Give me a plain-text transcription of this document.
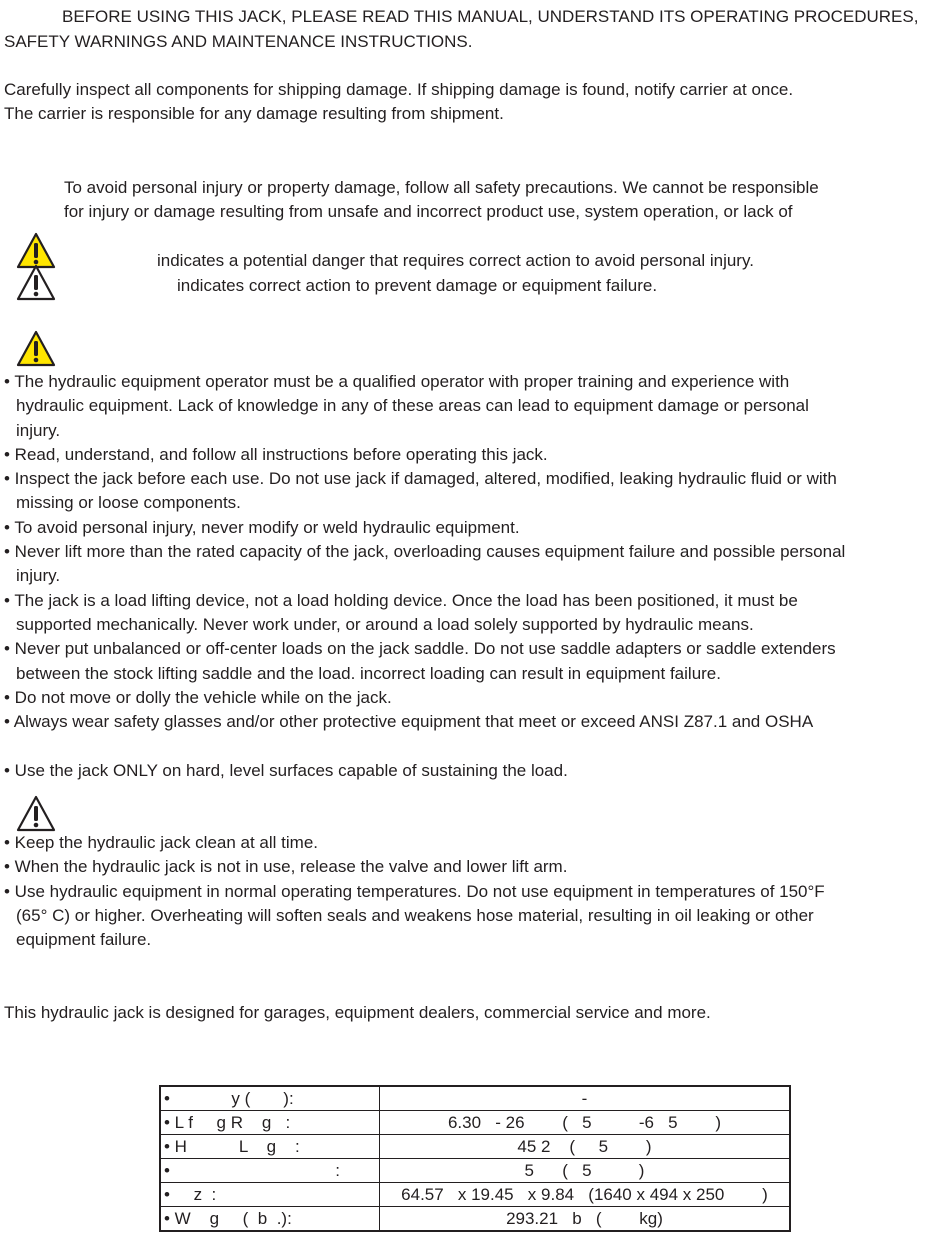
BEFORE USING THIS JACK, PLEASE READ THIS MANUAL, UNDERSTAND ITS OPERATING PROCEDURES,
SAFETY WARNINGS AND MAINTENANCE INSTRUCTIONS.
Carefully inspect all components for shipping damage. If shipping damage is found, notify carrier at once.
The carrier is responsible for any damage resulting from shipment.
To avoid personal injury or property damage, follow all safety precautions. We cannot be responsible
for injury or damage resulting from unsafe and incorrect product use, system operation, or lack of
indicates a potential danger that requires correct action to avoid personal injury.
indicates correct action to prevent damage or equipment failure.
• The hydraulic equipment operator must be a qualified operator with proper training and experience with
hydraulic equipment. Lack of knowledge in any of these areas can lead to equipment damage or personal
injury.
• Read, understand, and follow all instructions before operating this jack.
• Inspect the jack before each use. Do not use jack if damaged, altered, modified, leaking hydraulic fluid or with
missing or loose components.
• To avoid personal injury, never modify or weld hydraulic equipment.
• Never lift more than the rated capacity of the jack, overloading causes equipment failure and possible personal
injury.
• The jack is a load lifting device, not a load holding device. Once the load has been positioned, it must be
supported mechanically. Never work under, or around a load solely supported by hydraulic means.
• Never put unbalanced or off-center loads on the jack saddle. Do not use saddle adapters or saddle extenders
between the stock lifting saddle and the load. incorrect loading can result in equipment failure.
• Do not move or dolly the vehicle while on the jack.
• Always wear safety glasses and/or other protective equipment that meet or exceed ANSI Z87.1 and OSHA

• Use the jack ONLY on hard, level surfaces capable of sustaining the load.
• Keep the hydraulic jack clean at all time.
• When the hydraulic jack is not in use, release the valve and lower lift arm.
• Use hydraulic equipment in normal operating temperatures. Do not use equipment in temperatures of 150°F
(65° C) or higher. Overheating will soften seals and weakens hose material, resulting in oil leaking or other
equipment failure.
This hydraulic jack is designed for garages, equipment dealers, commercial service and more.
•             y (       ):	-
• L f     g R    g   :	6.30   - 26        (   5          -6   5        )
• H           L    g    :	45 2    (     5        )
•                                   :	5      (   5          )
•     z  :	64.57   x 19.45   x 9.84   (1640 x 494 x 250        )
• W    g     (  b  .):	293.21   b   (        kg)
